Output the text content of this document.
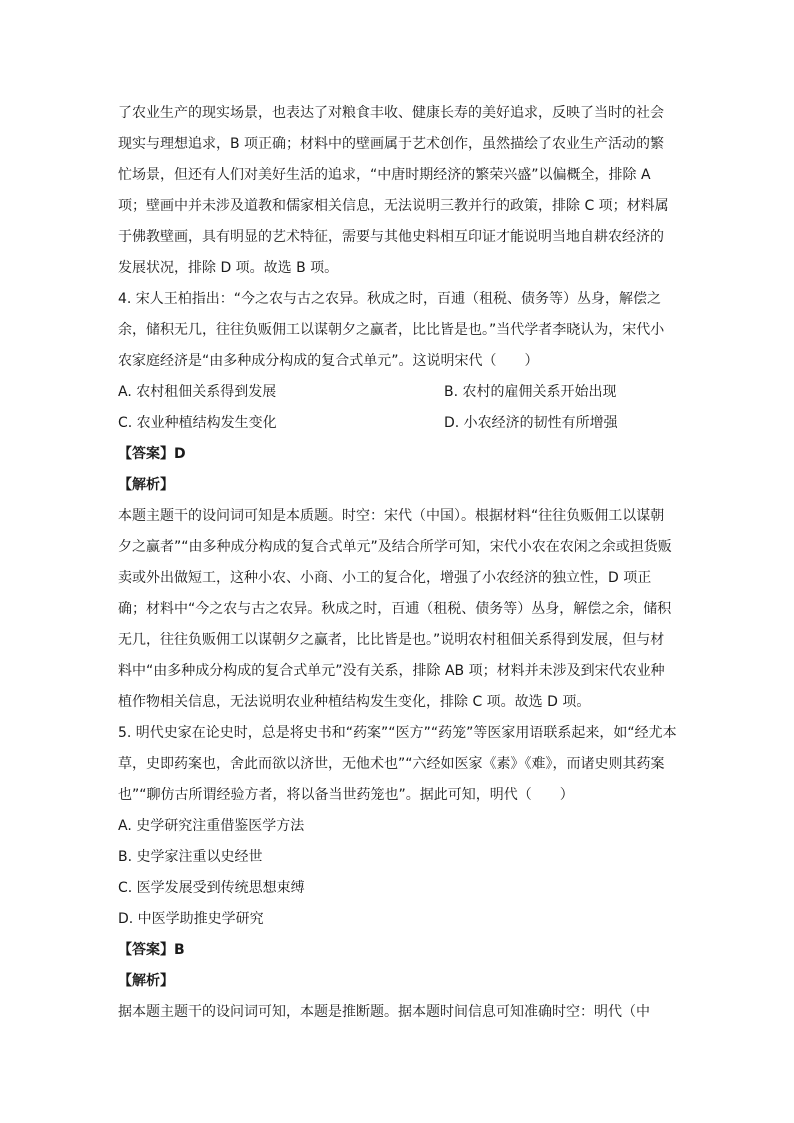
了农业生产的现实场景，也表达了对粮食丰收、健康长寿的美好追求，反映了当时的社会
现实与理想追求，B 项正确；材料中的壁画属于艺术创作，虽然描绘了农业生产活动的繁
忙场景，但还有人们对美好生活的追求，“中唐时期经济的繁荣兴盛”以偏概全，排除 A
项；壁画中并未涉及道教和儒家相关信息，无法说明三教并行的政策，排除 C 项；材料属
于佛教壁画，具有明显的艺术特征，需要与其他史料相互印证才能说明当地自耕农经济的
发展状况，排除 D 项。故选 B 项。
4. 宋人王柏指出：“今之农与古之农异。秋成之时，百逋（租税、债务等）丛身，解偿之
余，储积无几，往往负贩佣工以谋朝夕之赢者，比比皆是也。”当代学者李晓认为，宋代小
农家庭经济是“由多种成分构成的复合式单元”。这说明宋代（　　）
A. 农村租佃关系得到发展	B. 农村的雇佣关系开始出现
C. 农业种植结构发生变化	D. 小农经济的韧性有所增强
【答案】D
【解析】
本题主题干的设问词可知是本质题。时空：宋代（中国）。根据材料“往往负贩佣工以谋朝
夕之赢者”“由多种成分构成的复合式单元”及结合所学可知，宋代小农在农闲之余或担货贩
卖或外出做短工，这种小农、小商、小工的复合化，增强了小农经济的独立性，D 项正
确；材料中“今之农与古之农异。秋成之时，百逋（租税、债务等）丛身，解偿之余，储积
无几，往往负贩佣工以谋朝夕之赢者，比比皆是也。”说明农村租佃关系得到发展，但与材
料中“由多种成分构成的复合式单元”没有关系，排除 AB 项；材料并未涉及到宋代农业种
植作物相关信息，无法说明农业种植结构发生变化，排除 C 项。故选 D 项。
5. 明代史家在论史时，总是将史书和“药案”“医方”“药笼”等医家用语联系起来，如“经尤本
草，史即药案也，舍此而欲以济世，无他术也”“六经如医家《素》《难》，而诸史则其药案
也”“聊仿古所谓经验方者，将以备当世药笼也”。据此可知，明代（　　）
A. 史学研究注重借鉴医学方法
B. 史学家注重以史经世
C. 医学发展受到传统思想束缚
D. 中医学助推史学研究
【答案】B
【解析】
据本题主题干的设问词可知，本题是推断题。据本题时间信息可知准确时空：明代（中
